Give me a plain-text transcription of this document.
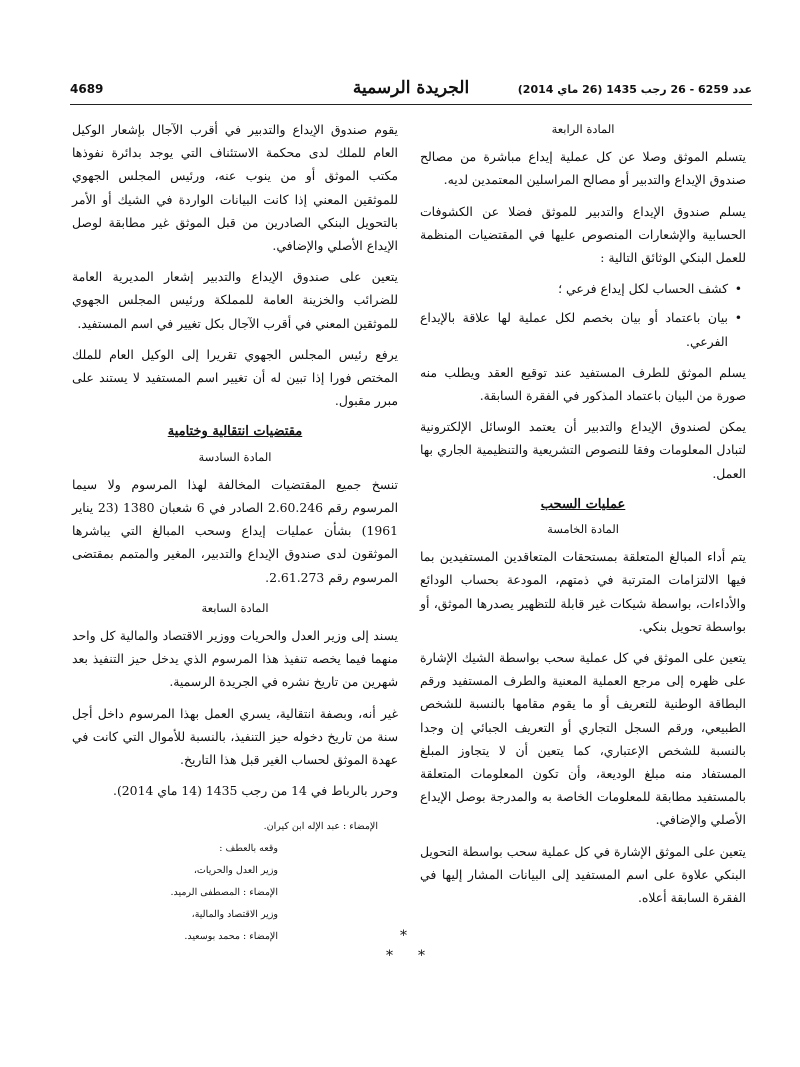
4689	الجريدة الرسمية	عدد 6259 - 26 رجب 1435 (26 ماي 2014)
المادة الرابعة

يتسلم الموثق وصلا عن كل عملية إيداع مباشرة من مصالح صندوق الإيداع والتدبير أو مصالح المراسلين المعتمدين لديه.

يسلم صندوق الإيداع والتدبير للموثق فضلا عن الكشوفات الحسابية والإشعارات المنصوص عليها في المقتضيات المنظمة للعمل البنكي الوثائق التالية :

•
كشف الحساب لكل إيداع فرعي ؛
•
بيان باعتماد أو بيان بخصم لكل عملية لها علاقة بالإيداع الفرعي.

يسلم الموثق للطرف المستفيد عند توقيع العقد ويطلب منه صورة من البيان باعتماد المذكور في الفقرة السابقة.

يمكن لصندوق الإيداع والتدبير أن يعتمد الوسائل الإلكترونية لتبادل المعلومات وفقا للنصوص التشريعية والتنظيمية الجاري بها العمل.

عمليات السحب
المادة الخامسة

يتم أداء المبالغ المتعلقة بمستحقات المتعاقدين المستفيدين بما فيها الالتزامات المترتبة في ذمتهم، المودعة بحساب الودائع والأداءات، بواسطة شيكات غير قابلة للتظهير يصدرها الموثق، أو بواسطة تحويل بنكي.

يتعين على الموثق في كل عملية سحب بواسطة الشيك الإشارة على ظهره إلى مرجع العملية المعنية والطرف المستفيد ورقم البطاقة الوطنية للتعريف أو ما يقوم مقامها بالنسبة للشخص الطبيعي، ورقم السجل التجاري أو التعريف الجبائي إن وجدا بالنسبة للشخص الإعتباري، كما يتعين أن لا يتجاوز المبلغ المستفاد منه مبلغ الوديعة، وأن تكون المعلومات المتعلقة بالمستفيد مطابقة للمعلومات الخاصة به والمدرجة بوصل الإيداع الأصلي والإضافي.

يتعين على الموثق الإشارة في كل عملية سحب بواسطة التحويل البنكي علاوة على اسم المستفيد إلى البيانات المشار إليها في الفقرة السابقة أعلاه.

يقوم صندوق الإيداع والتدبير في أقرب الآجال بإشعار الوكيل العام للملك لدى محكمة الاستئناف التي يوجد بدائرة نفوذها مكتب الموثق أو من ينوب عنه، ورئيس المجلس الجهوي للموثقين المعني إذا كانت البيانات الواردة في الشيك أو الأمر بالتحويل البنكي الصادرين من قبل الموثق غير مطابقة لوصل الإيداع الأصلي والإضافي.

يتعين على صندوق الإيداع والتدبير إشعار المديرية العامة للضرائب والخزينة العامة للمملكة ورئيس المجلس الجهوي للموثقين المعني في أقرب الآجال بكل تغيير في اسم المستفيد.

يرفع رئيس المجلس الجهوي تقريرا إلى الوكيل العام للملك المختص فورا إذا تبين له أن تغيير اسم المستفيد لا يستند على مبرر مقبول.

مقتضيات انتقالية وختامية
المادة السادسة

تنسخ جميع المقتضيات المخالفة لهذا المرسوم ولا سيما المرسوم رقم 2.60.246 الصادر في 6 شعبان 1380 (23 يناير 1961) بشأن عمليات إيداع وسحب المبالغ التي يباشرها الموثقون لدى صندوق الإيداع والتدبير، المغير والمتمم بمقتضى المرسوم رقم 2.61.273.

المادة السابعة

يسند إلى وزير العدل والحريات ووزير الاقتصاد والمالية كل واحد منهما فيما يخصه تنفيذ هذا المرسوم الذي يدخل حيز التنفيذ بعد شهرين من تاريخ نشره في الجريدة الرسمية.

غير أنه، وبصفة انتقالية، يسري العمل بهذا المرسوم داخل أجل سنة من تاريخ دخوله حيز التنفيذ، بالنسبة للأموال التي كانت في عهدة الموثق لحساب الغير قبل هذا التاريخ.

وحرر بالرباط في 14 من رجب 1435 (14 ماي 2014).

الإمضاء : عبد الإله ابن كيران.
وقعه بالعطف :
وزير العدل والحريات،
الإمضاء : المصطفى الرميد.
وزير الاقتصاد والمالية،
الإمضاء : محمد بوسعيد.	*
* *
